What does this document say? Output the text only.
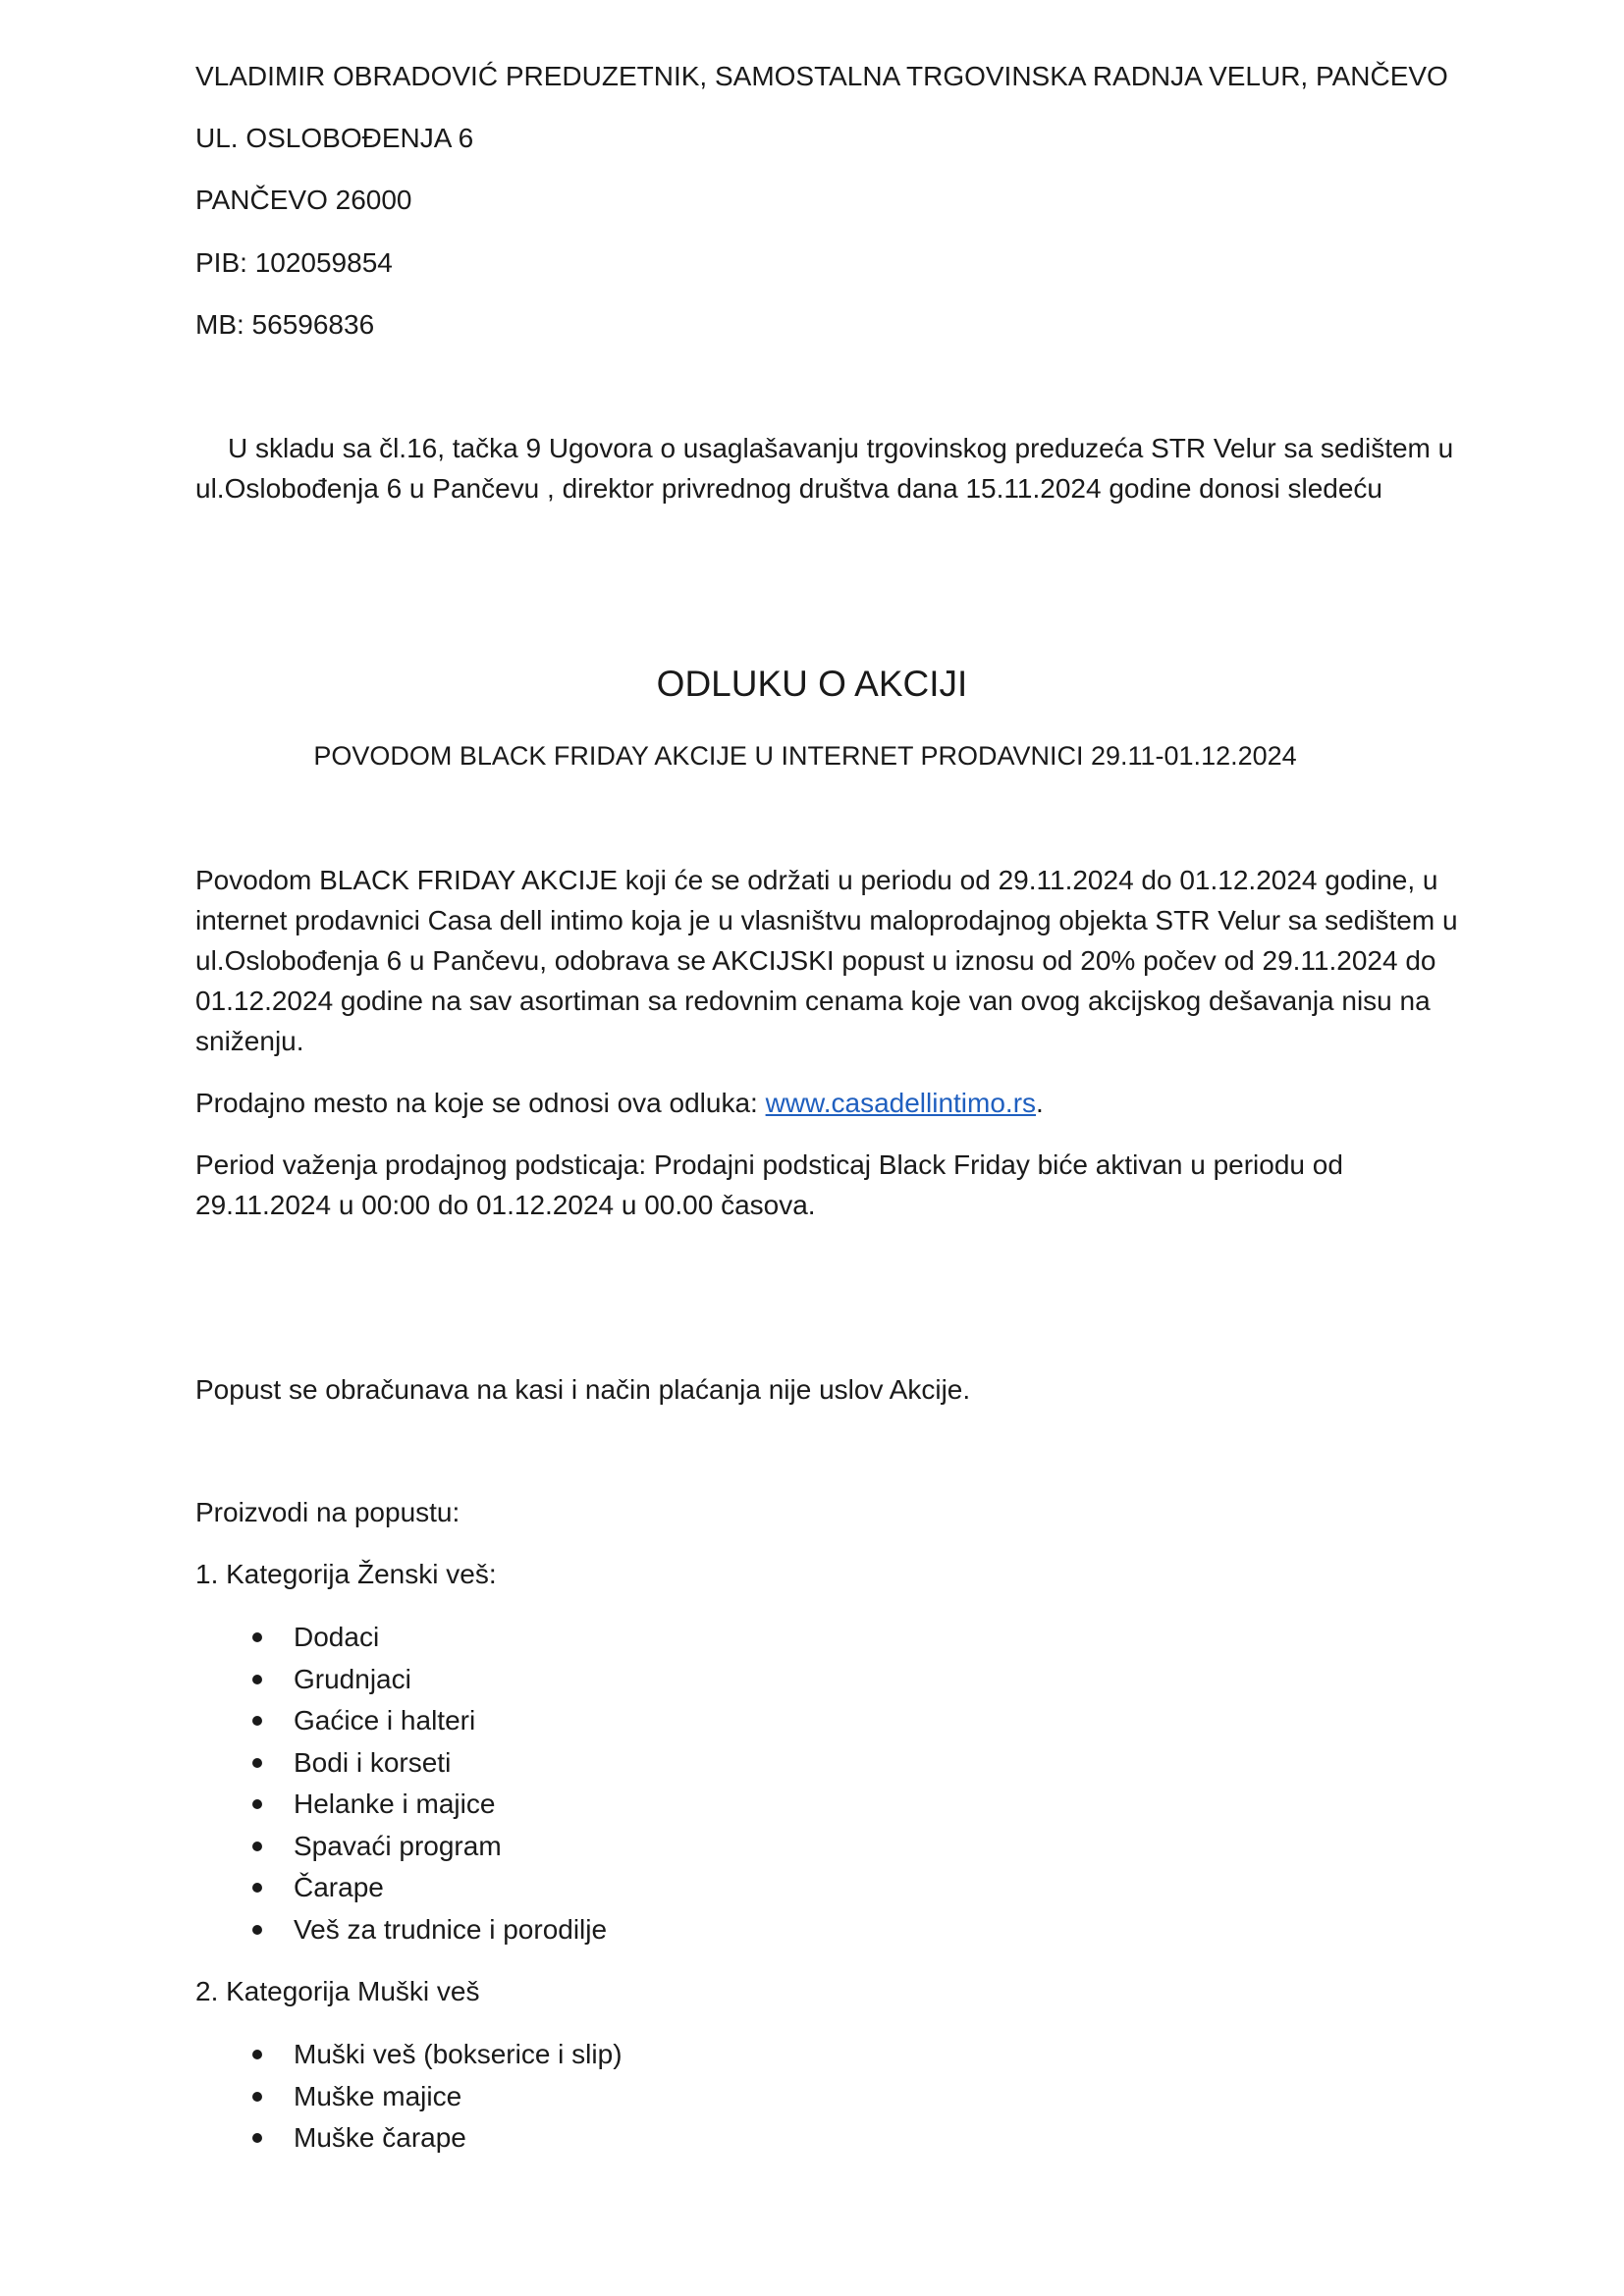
VLADIMIR OBRADOVIĆ PREDUZETNIK, SAMOSTALNA TRGOVINSKA RADNJA VELUR, PANČEVO
UL. OSLOBOĐENJA 6
PANČEVO 26000
PIB: 102059854
MB: 56596836
U skladu sa čl.16, tačka 9 Ugovora o usaglašavanju trgovinskog preduzeća STR Velur sa sedištem u ul.Oslobođenja 6 u Pančevu , direktor privrednog društva dana 15.11.2024 godine donosi sledeću
ODLUKU O AKCIJI
POVODOM BLACK FRIDAY AKCIJE U INTERNET PRODAVNICI 29.11-01.12.2024
Povodom BLACK FRIDAY AKCIJE koji će se održati u periodu od 29.11.2024 do 01.12.2024 godine, u internet prodavnici Casa dell intimo koja je u vlasništvu maloprodajnog objekta STR Velur sa sedištem u ul.Oslobođenja 6 u Pančevu, odobrava se AKCIJSKI popust u iznosu od 20% počev od 29.11.2024 do 01.12.2024 godine na sav asortiman sa redovnim cenama koje van ovog akcijskog dešavanja nisu na sniženju.
Prodajno mesto na koje se odnosi ova odluka: www.casadellintimo.rs.
Period važenja prodajnog podsticaja: Prodajni podsticaj Black Friday biće aktivan u periodu od 29.11.2024 u 00:00 do 01.12.2024 u 00.00 časova.
Popust se obračunava na kasi i način plaćanja nije uslov Akcije.
Proizvodi na popustu:
1. Kategorija Ženski veš:
Dodaci
Grudnjaci
Gaćice i halteri
Bodi i korseti
Helanke i majice
Spavaći program
Čarape
Veš za trudnice i porodilje
2. Kategorija Muški veš
Muški veš (bokserice i slip)
Muške majice
Muške čarape
